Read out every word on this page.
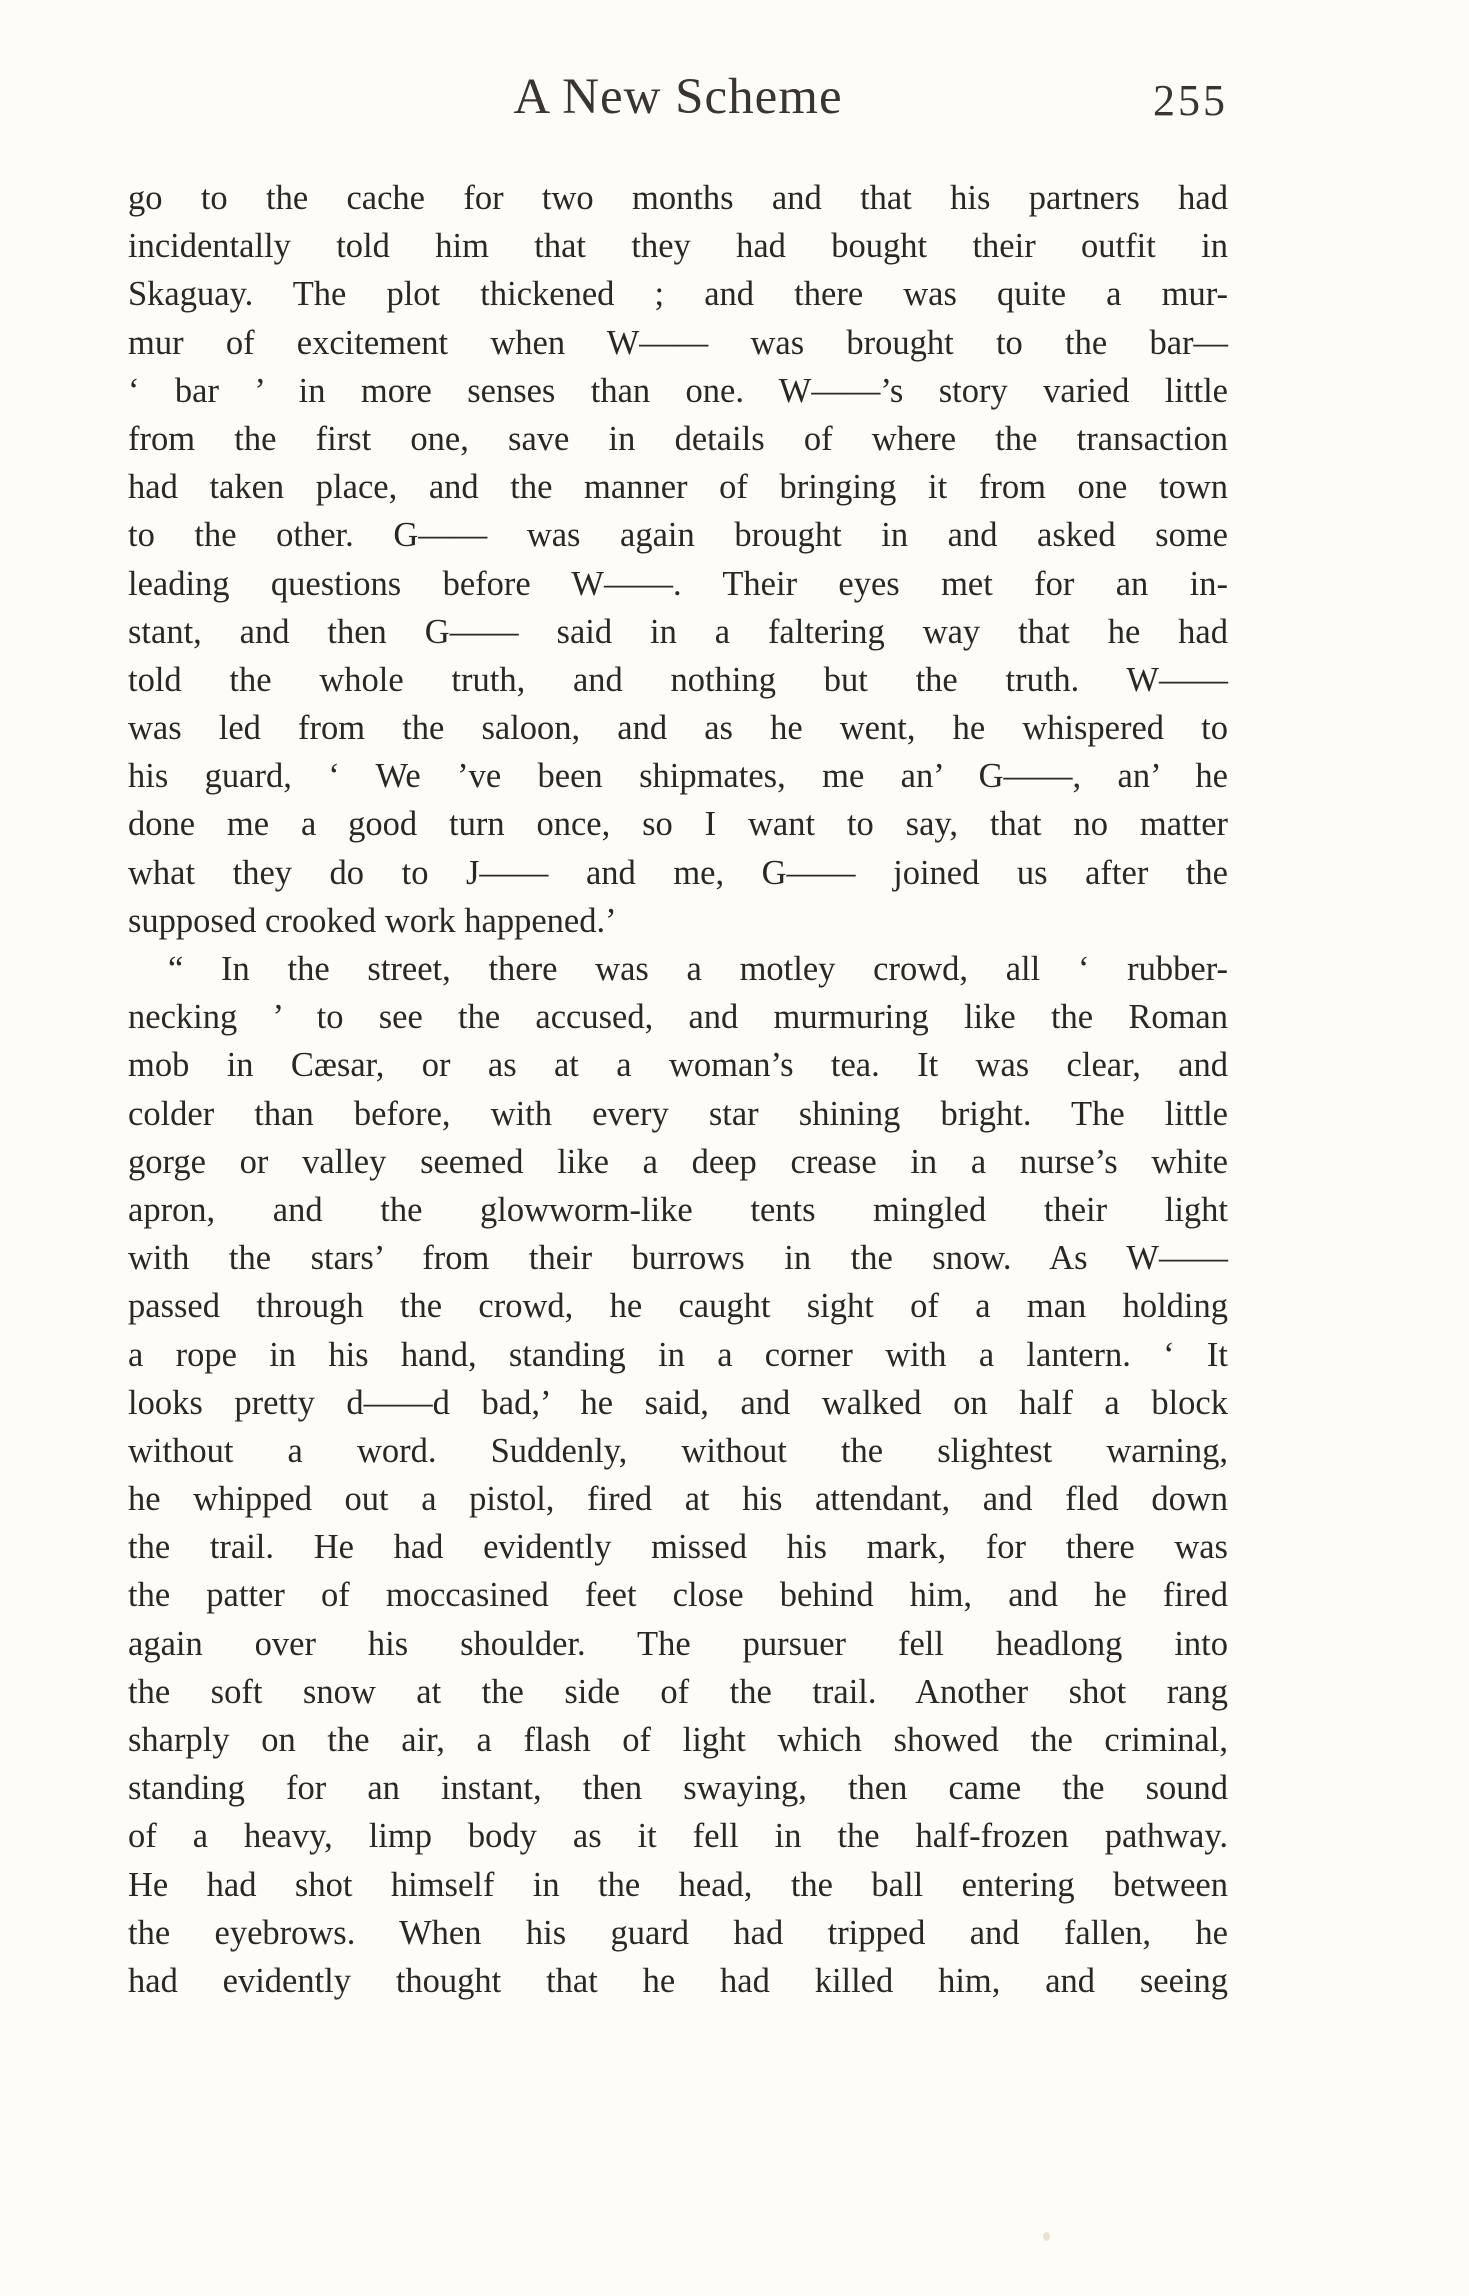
A New Scheme	255
go to the cache for two months and that his partners had
incidentally told him that they had bought their outfit in
Skaguay. The plot thickened ; and there was quite a mur-
mur of excitement when W—— was brought to the bar—
‘ bar ’ in more senses than one. W——’s story varied little
from the first one, save in details of where the transaction
had taken place, and the manner of bringing it from one town
to the other. G—— was again brought in and asked some
leading questions before W——. Their eyes met for an in-
stant, and then G—— said in a faltering way that he had
told the whole truth, and nothing but the truth. W——
was led from the saloon, and as he went, he whispered to
his guard, ‘ We ’ve been shipmates, me an’ G——, an’ he
done me a good turn once, so I want to say, that no matter
what they do to J—— and me, G—— joined us after the
supposed crooked work happened.’
“ In the street, there was a motley crowd, all ‘ rubber-
necking ’ to see the accused, and murmuring like the Roman
mob in Cæsar, or as at a woman’s tea. It was clear, and
colder than before, with every star shining bright. The little
gorge or valley seemed like a deep crease in a nurse’s white
apron, and the glowworm-like tents mingled their light
with the stars’ from their burrows in the snow. As W——
passed through the crowd, he caught sight of a man holding
a rope in his hand, standing in a corner with a lantern. ‘ It
looks pretty d——d bad,’ he said, and walked on half a block
without a word. Suddenly, without the slightest warning,
he whipped out a pistol, fired at his attendant, and fled down
the trail. He had evidently missed his mark, for there was
the patter of moccasined feet close behind him, and he fired
again over his shoulder. The pursuer fell headlong into
the soft snow at the side of the trail. Another shot rang
sharply on the air, a flash of light which showed the criminal,
standing for an instant, then swaying, then came the sound
of a heavy, limp body as it fell in the half-frozen pathway.
He had shot himself in the head, the ball entering between
the eyebrows. When his guard had tripped and fallen, he
had evidently thought that he had killed him, and seeing
